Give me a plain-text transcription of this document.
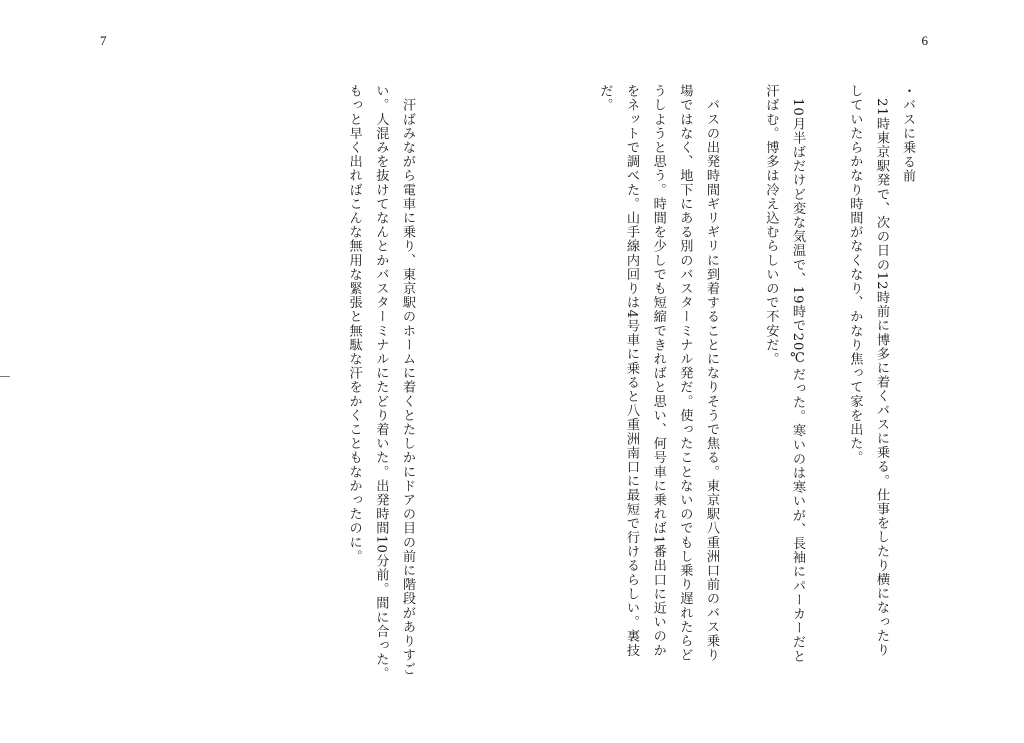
7	6
・バスに乗る前
　21時東京駅発で、次の日の12時前に博多に着くバスに乗る。仕事をしたり横になったりしていたらかなり時間がなくなり、かなり焦って家を出た。
　10月半ばだけど変な気温で、19時で20℃だった。寒いのは寒いが、長袖にパーカーだと汗ばむ。博多は冷え込むらしいので不安だ。
　バスの出発時間ギリギリに到着することになりそうで焦る。東京駅八重洲口前のバス乗り場ではなく、地下にある別のバスターミナル発だ。使ったことないのでもし乗り遅れたらどうしようと思う。時間を少しでも短縮できればと思い、何号車に乗れば1番出口に近いのかをネットで調べた。山手線内回りは4号車に乗ると八重洲南口に最短で行けるらしい。裏技だ。
　汗ばみながら電車に乗り、東京駅のホームに着くとたしかにドアの目の前に階段がありすごい。人混みを抜けてなんとかバスターミナルにたどり着いた。出発時間10分前。間に合った。もっと早く出ればこんな無用な緊張と無駄な汗をかくこともなかったのに。
